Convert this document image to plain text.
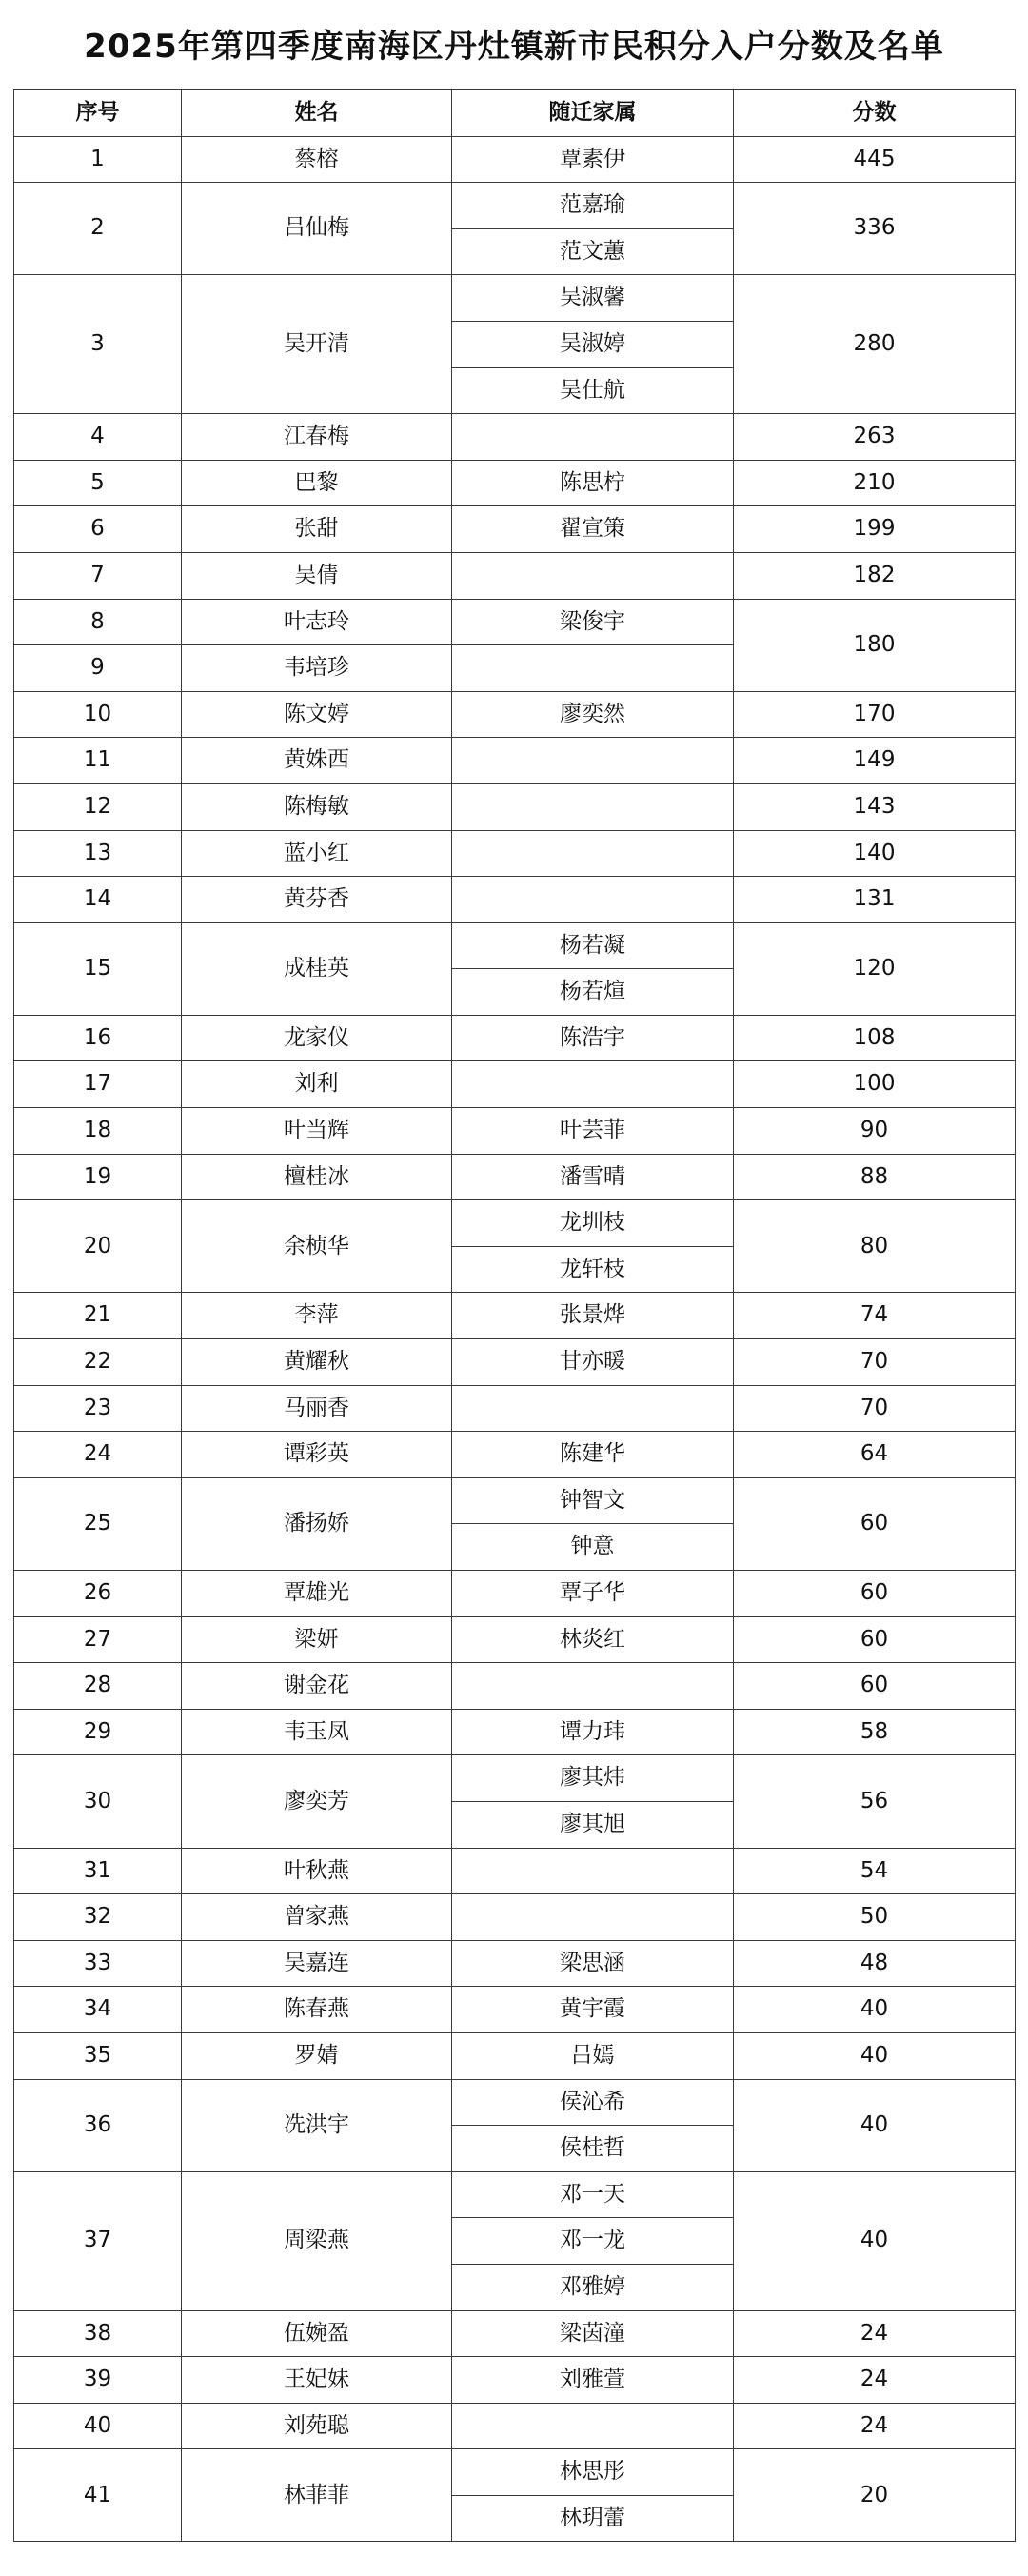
2025年第四季度南海区丹灶镇新市民积分入户分数及名单
序号	姓名	随迁家属	分数
1	蔡榕	覃素伊	445
2	吕仙梅	范嘉瑜	336
		范文蕙	
3	吴开清	吴淑馨	280
		吴淑婷	
		吴仕航	
4	江春梅		263
5	巴黎	陈思柠	210
6	张甜	翟宣策	199
7	吴倩		182
8	叶志玲	梁俊宇	180
9	韦培珍		
10	陈文婷	廖奕然	170
11	黄姝西		149
12	陈梅敏		143
13	蓝小红		140
14	黄芬香		131
15	成桂英	杨若凝	120
		杨若煊	
16	龙家仪	陈浩宇	108
17	刘利		100
18	叶当辉	叶芸菲	90
19	檀桂冰	潘雪晴	88
20	余桢华	龙圳枝	80
		龙轩枝	
21	李萍	张景烨	74
22	黄耀秋	甘亦暖	70
23	马丽香		70
24	谭彩英	陈建华	64
25	潘扬娇	钟智文	60
		钟意	
26	覃雄光	覃子华	60
27	梁妍	林炎红	60
28	谢金花		60
29	韦玉凤	谭力玮	58
30	廖奕芳	廖其炜	56
		廖其旭	
31	叶秋燕		54
32	曾家燕		50
33	吴嘉连	梁思涵	48
34	陈春燕	黄宇霞	40
35	罗婧	吕嫣	40
36	冼洪宇	侯沁希	40
		侯桂哲	
37	周梁燕	邓一天	40
		邓一龙	
		邓雅婷	
38	伍婉盈	梁茵潼	24
39	王妃妹	刘雅萱	24
40	刘苑聪		24
41	林菲菲	林思彤	20
		林玥蕾	
